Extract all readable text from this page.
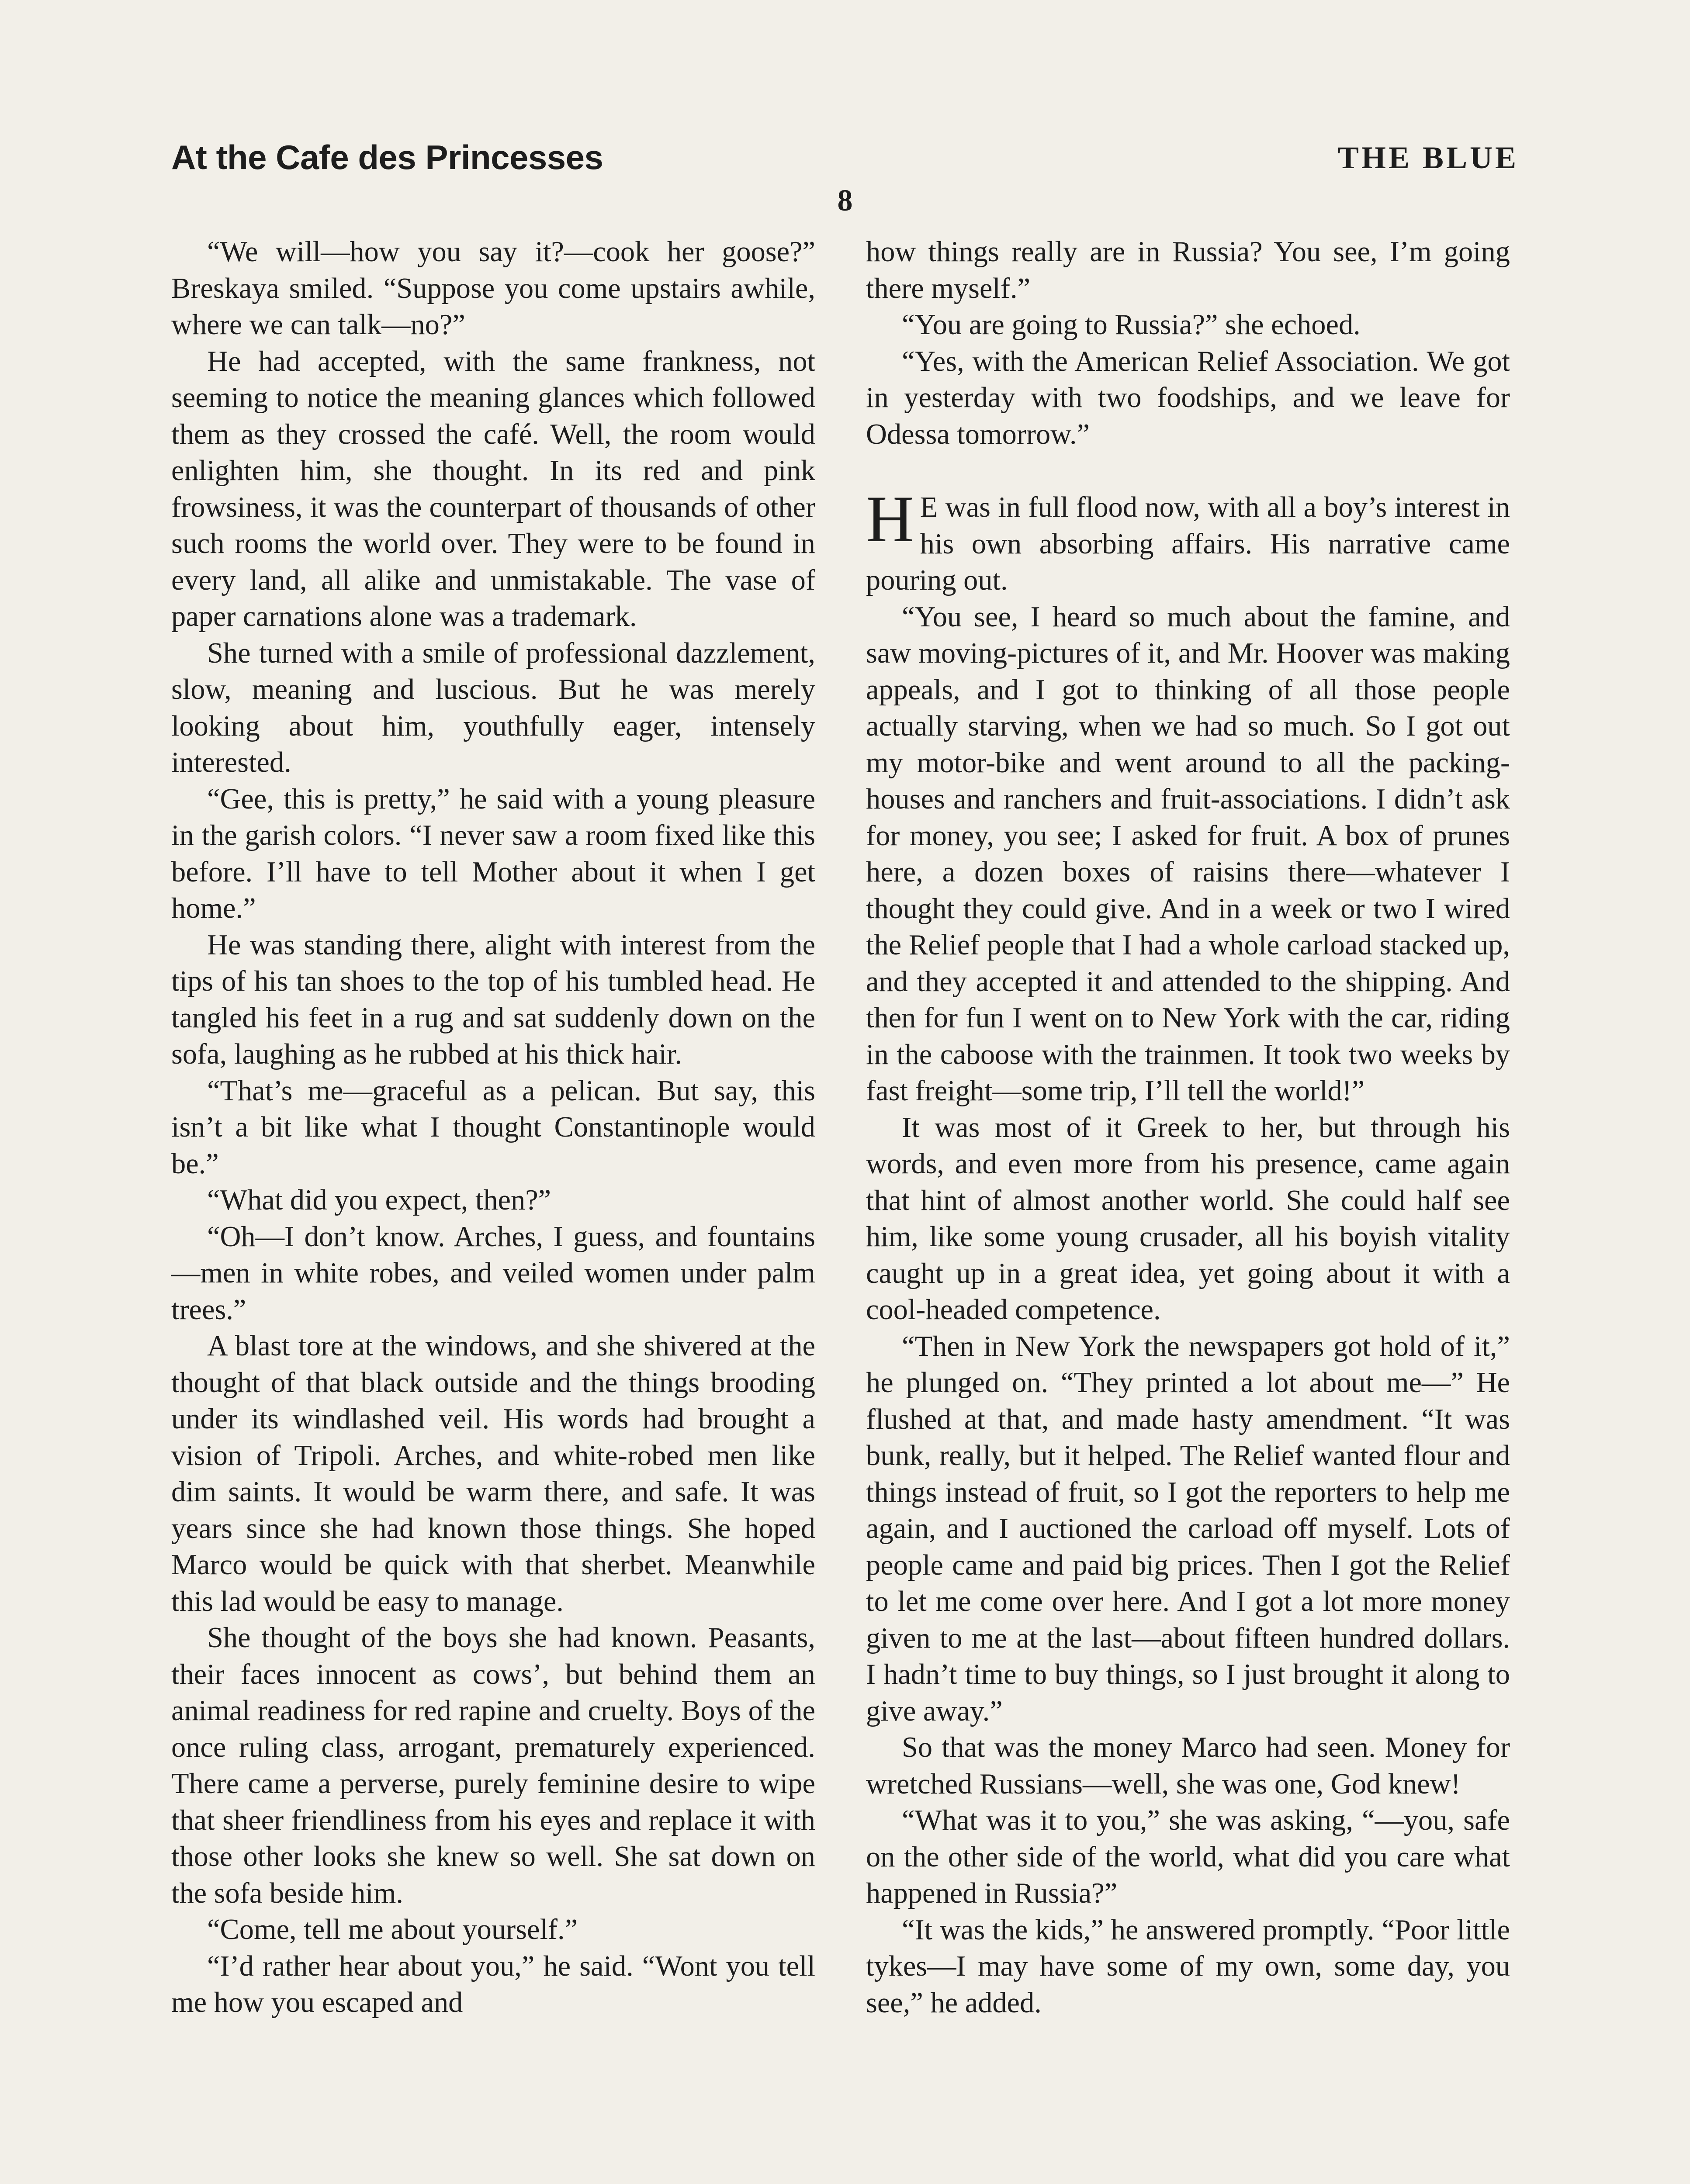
At the Cafe des Princesses	THE BLUE
8

“We will—how you say it?—cook her goose?” Breskaya smiled. “Suppose you come upstairs awhile, where we can talk—no?”

He had accepted, with the same frankness, not seeming to notice the meaning glances which followed them as they crossed the café. Well, the room would enlighten him, she thought. In its red and pink frowsiness, it was the counterpart of thousands of other such rooms the world over. They were to be found in every land, all alike and unmistakable. The vase of paper carnations alone was a trademark.

She turned with a smile of professional dazzlement, slow, meaning and luscious. But he was merely looking about him, youthfully eager, intensely interested.

“Gee, this is pretty,” he said with a young pleasure in the garish colors. “I never saw a room fixed like this before. I’ll have to tell Mother about it when I get home.”

He was standing there, alight with interest from the tips of his tan shoes to the top of his tumbled head. He tangled his feet in a rug and sat suddenly down on the sofa, laughing as he rubbed at his thick hair.

“That’s me—graceful as a pelican. But say, this isn’t a bit like what I thought Constantinople would be.”

“What did you expect, then?”

“Oh—I don’t know. Arches, I guess, and fountains—men in white robes, and veiled women under palm trees.”

A blast tore at the windows, and she shivered at the thought of that black outside and the things brooding under its windlashed veil. His words had brought a vision of Tripoli. Arches, and white-robed men like dim saints. It would be warm there, and safe. It was years since she had known those things. She hoped Marco would be quick with that sherbet. Meanwhile this lad would be easy to manage.

She thought of the boys she had known. Peasants, their faces innocent as cows’, but behind them an animal readiness for red rapine and cruelty. Boys of the once ruling class, arrogant, prematurely experienced. There came a perverse, purely feminine desire to wipe that sheer friendliness from his eyes and replace it with those other looks she knew so well. She sat down on the sofa beside him.

“Come, tell me about yourself.”

“I’d rather hear about you,” he said. “Wont you tell me how you escaped and

how things really are in Russia? You see, I’m going there myself.”

“You are going to Russia?” she echoed.

“Yes, with the American Relief Association. We got in yesterday with two foodships, and we leave for Odessa tomorrow.”

H E was in full flood now, with all a boy’s interest in his own absorbing affairs. His narrative came pouring out.

“You see, I heard so much about the famine, and saw moving-pictures of it, and Mr. Hoover was making appeals, and I got to thinking of all those people actually starving, when we had so much. So I got out my motor-bike and went around to all the packing-houses and ranchers and fruit-associations. I didn’t ask for money, you see; I asked for fruit. A box of prunes here, a dozen boxes of raisins there—whatever I thought they could give. And in a week or two I wired the Relief people that I had a whole carload stacked up, and they accepted it and attended to the shipping. And then for fun I went on to New York with the car, riding in the caboose with the trainmen. It took two weeks by fast freight—some trip, I’ll tell the world!”

It was most of it Greek to her, but through his words, and even more from his presence, came again that hint of almost another world. She could half see him, like some young crusader, all his boyish vitality caught up in a great idea, yet going about it with a cool-headed competence.

“Then in New York the newspapers got hold of it,” he plunged on. “They printed a lot about me—” He flushed at that, and made hasty amendment. “It was bunk, really, but it helped. The Relief wanted flour and things instead of fruit, so I got the reporters to help me again, and I auctioned the carload off myself. Lots of people came and paid big prices. Then I got the Relief to let me come over here. And I got a lot more money given to me at the last—about fifteen hundred dollars. I hadn’t time to buy things, so I just brought it along to give away.”

So that was the money Marco had seen. Money for wretched Russians—well, she was one, God knew!

“What was it to you,” she was asking, “—you, safe on the other side of the world, what did you care what happened in Russia?”

“It was the kids,” he answered promptly. “Poor little tykes—I may have some of my own, some day, you see,” he added.
